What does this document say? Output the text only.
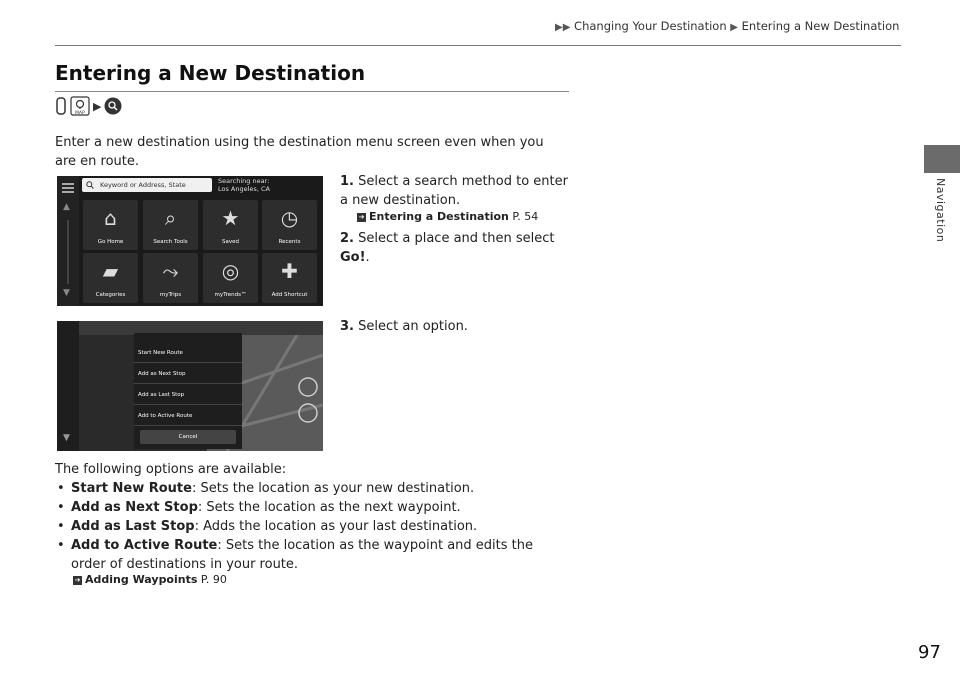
▶▶ Changing Your Destination ▶ Entering a New Destination
Navigation
Entering a New Destination
MAP
▶
Enter a new destination using the destination menu screen even when you are en route.
▲
▼
Keyword or Address, State	Searching near:
Los Angeles, CA
⌂
Go Home
⌕
Search Tools
★
Saved
◷
Recents
▰
Categories
⤳
myTrips
◎
myTrends™
✚
Add Shortcut
1. Select a search method to enter a new destination.
➔ Entering a Destination P. 54
2. Select a place and then select Go!.
3. Select an option.
▼
Start New Route
Add as Next Stop
Add as Last Stop
Add to Active Route
Cancel
The following options are available:
• Start New Route: Sets the location as your new destination.
• Add as Next Stop: Sets the location as the next waypoint.
• Add as Last Stop: Adds the location as your last destination.
• Add to Active Route: Sets the location as the waypoint and edits the order of destinations in your route.
➔ Adding Waypoints P. 90
97
